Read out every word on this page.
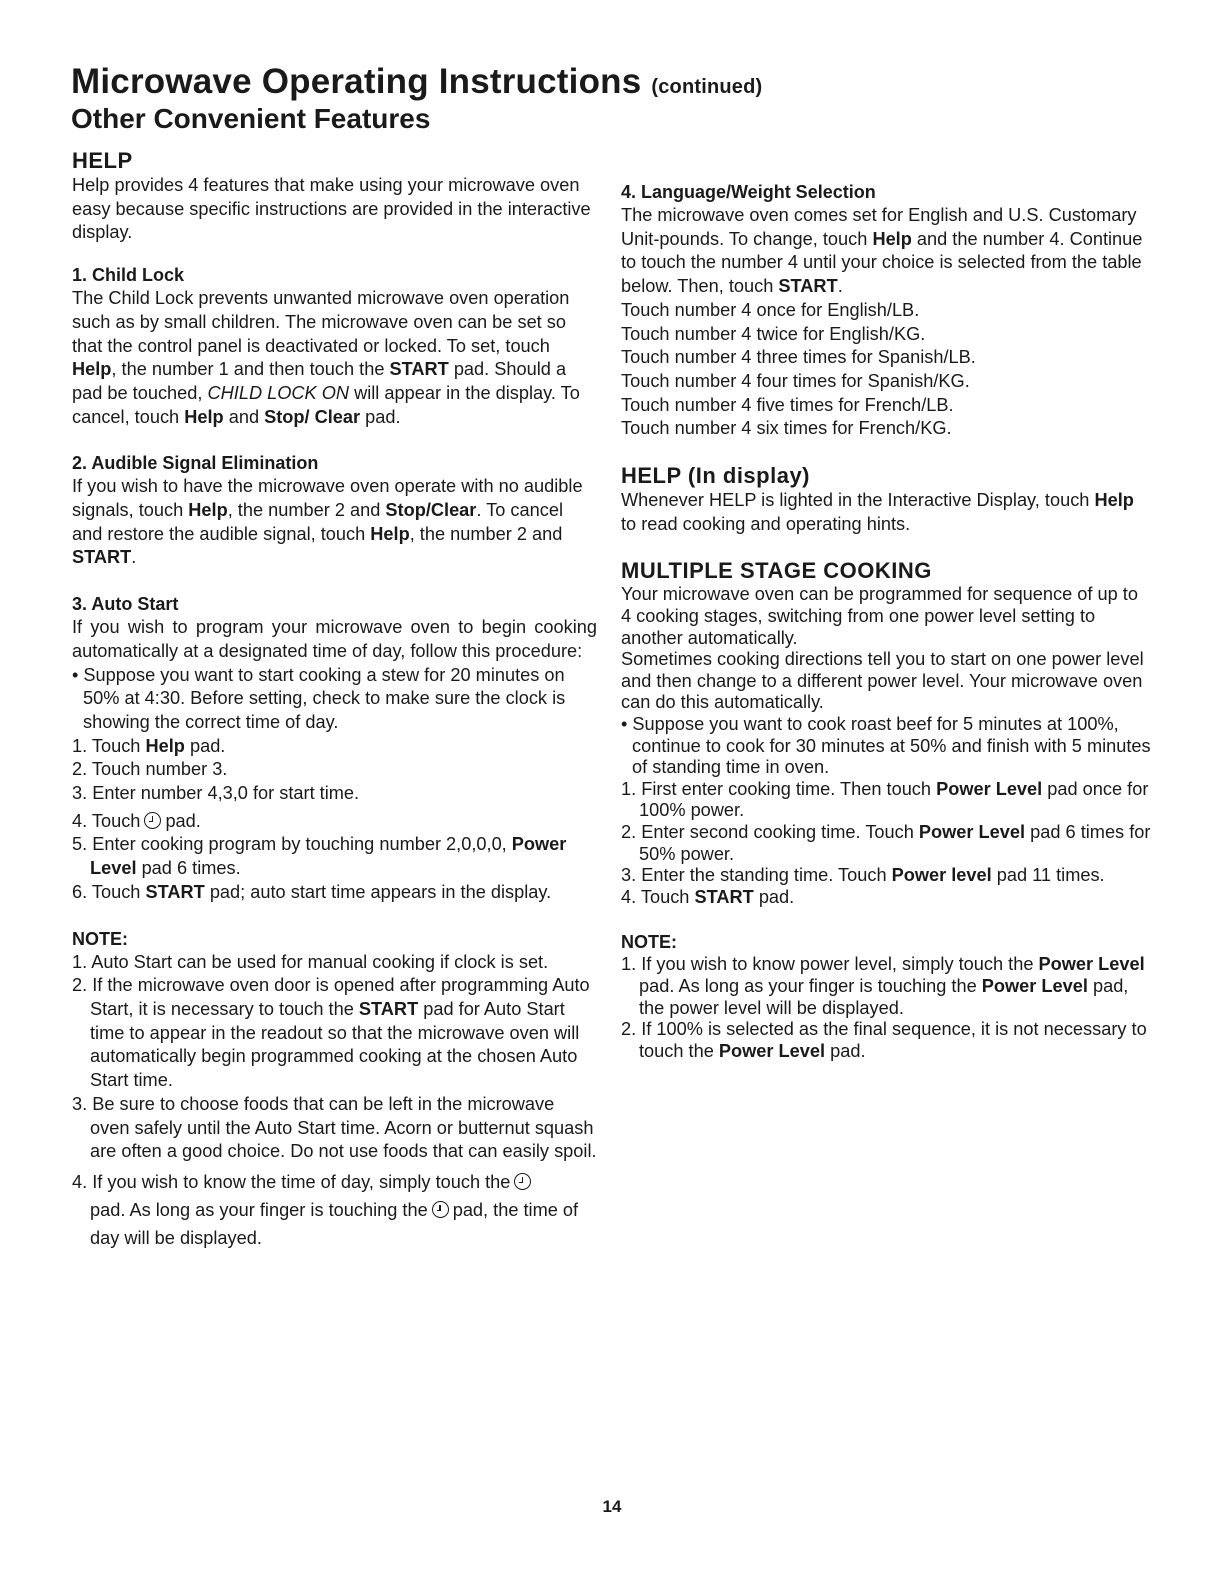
Microwave Operating Instructions (continued)
Other Convenient Features
HELP

Help provides 4 features that make using your microwave oven easy because specific instructions are provided in the interactive display.

1. Child Lock

The Child Lock prevents unwanted microwave oven operation such as by small children. The microwave oven can be set so that the control panel is deactivated or locked. To set, touch Help, the number 1 and then touch the START pad. Should a pad be touched, CHILD LOCK ON will appear in the display. To cancel, touch Help and Stop/ Clear pad.

2. Audible Signal Elimination

If you wish to have the microwave oven operate with no audible signals, touch Help, the number 2 and Stop/Clear. To cancel and restore the audible signal, touch Help, the number 2 and START.

3. Auto Start

If you wish to program your microwave oven to begin cooking automatically at a designated time of day, follow this procedure:

• Suppose you want to start cooking a stew for 20 minutes on 50% at 4:30. Before setting, check to make sure the clock is showing the correct time of day.

1. Touch Help pad.

2. Touch number 3.

3. Enter number 4,3,0 for start time.

4. Touch pad.

5. Enter cooking program by touching number 2,0,0,0, Power Level pad 6 times.

6. Touch START pad; auto start time appears in the display.

NOTE:

1. Auto Start can be used for manual cooking if clock is set.

2. If the microwave oven door is opened after programming Auto Start, it is necessary to touch the START pad for Auto Start time to appear in the readout so that the microwave oven will automatically begin programmed cooking at the chosen Auto Start time.

3. Be sure to choose foods that can be left in the microwave oven safely until the Auto Start time. Acorn or butternut squash are often a good choice. Do not use foods that can easily spoil.

4. If you wish to know the time of day, simply touch the
pad. As long as your finger is touching the pad, the time of day will be displayed.

4. Language/Weight Selection

The microwave oven comes set for English and U.S. Customary Unit-pounds. To change, touch Help and the number 4. Continue to touch the number 4 until your choice is selected from the table below. Then, touch START.

Touch number 4 once for English/LB.

Touch number 4 twice for English/KG.

Touch number 4 three times for Spanish/LB.

Touch number 4 four times for Spanish/KG.

Touch number 4 five times for French/LB.

Touch number 4 six times for French/KG.

HELP (In display)

Whenever HELP is lighted in the Interactive Display, touch Help to read cooking and operating hints.

MULTIPLE STAGE COOKING

Your microwave oven can be programmed for sequence of up to 4 cooking stages, switching from one power level setting to another automatically.

Sometimes cooking directions tell you to start on one power level and then change to a different power level. Your microwave oven can do this automatically.

• Suppose you want to cook roast beef for 5 minutes at 100%, continue to cook for 30 minutes at 50% and finish with 5 minutes of standing time in oven.

1. First enter cooking time. Then touch Power Level pad once for 100% power.

2. Enter second cooking time. Touch Power Level pad 6 times for 50% power.

3. Enter the standing time. Touch Power level pad 11 times.

4. Touch START pad.

NOTE:

1. If you wish to know power level, simply touch the Power Level pad. As long as your finger is touching the Power Level pad, the power level will be displayed.

2. If 100% is selected as the final sequence, it is not necessary to touch the Power Level pad.

14
